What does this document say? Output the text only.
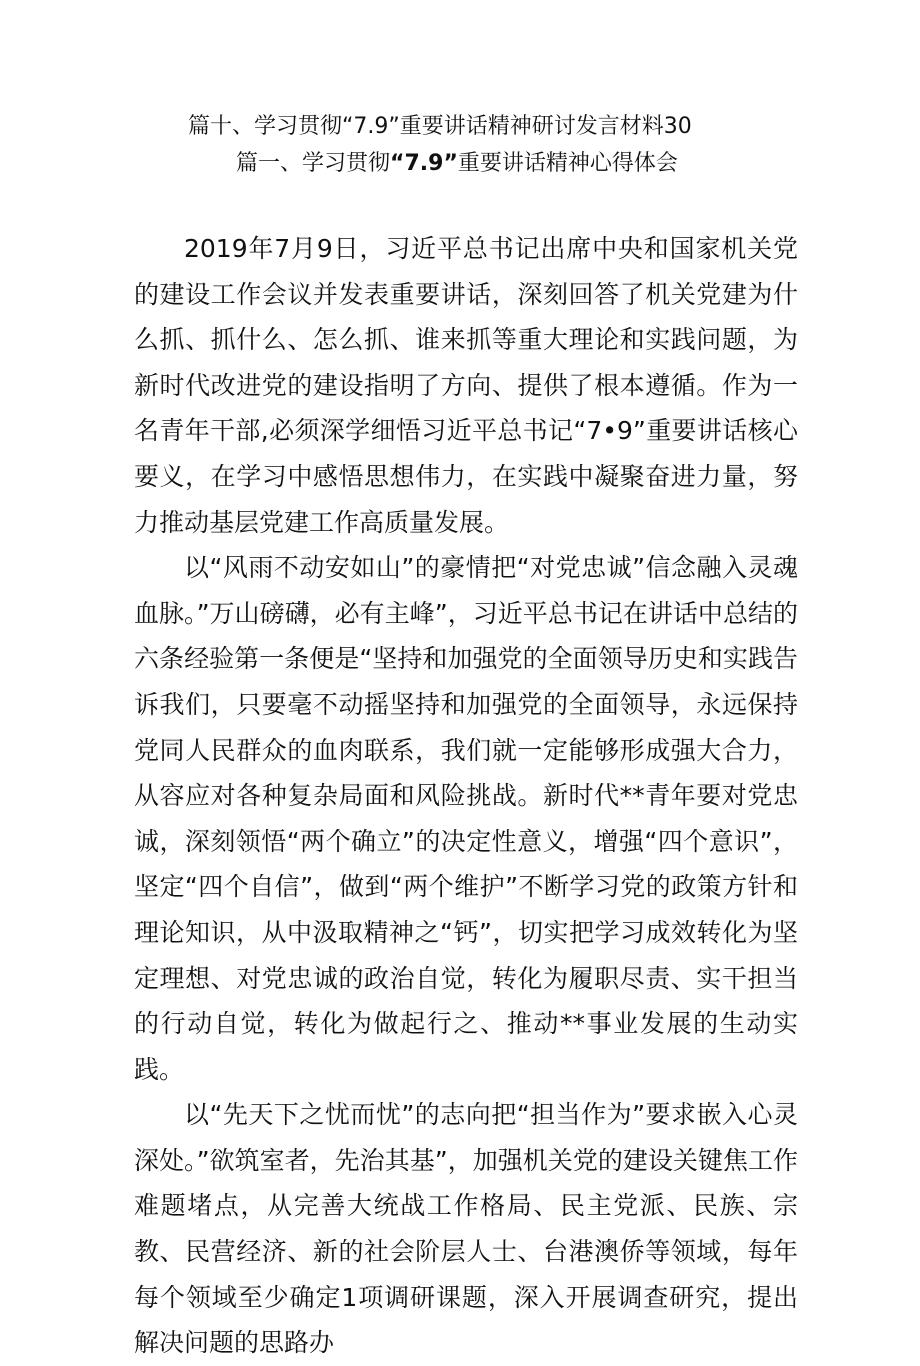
篇十、学习贯彻“7.9”重要讲话精神研讨发言材料30
篇一、学习贯彻“7.9”重要讲话精神心得体会

2019年7月9日，习近平总书记出席中央和国家机关党的建设工作会议并发表重要讲话，深刻回答了机关党建为什么抓、抓什么、怎么抓、谁来抓等重大理论和实践问题，为新时代改进党的建设指明了方向、提供了根本遵循。作为一名青年干部,必须深学细悟习近平总书记“7•9”重要讲话核心要义，在学习中感悟思想伟力，在实践中凝聚奋进力量，努力推动基层党建工作高质量发展。

以“风雨不动安如山”的豪情把“对党忠诚”信念融入灵魂血脉。”万山磅礴，必有主峰”，习近平总书记在讲话中总结的六条经验第一条便是“坚持和加强党的全面领导历史和实践告诉我们，只要毫不动摇坚持和加强党的全面领导，永远保持党同人民群众的血肉联系，我们就一定能够形成强大合力，从容应对各种复杂局面和风险挑战。新时代**青年要对党忠诚，深刻领悟“两个确立”的决定性意义，增强“四个意识”，坚定“四个自信”，做到“两个维护”不断学习党的政策方针和理论知识，从中汲取精神之“钙”，切实把学习成效转化为坚定理想、对党忠诚的政治自觉，转化为履职尽责、实干担当的行动自觉，转化为做起行之、推动**事业发展的生动实践。

以“先天下之忧而忧”的志向把“担当作为”要求嵌入心灵深处。”欲筑室者，先治其基”，加强机关党的建设关键焦工作难题堵点，从完善大统战工作格局、民主党派、民族、宗教、民营经济、新的社会阶层人士、台港澳侨等领域，每年每个领域至少确定1项调研课题，深入开展调查研究，提出解决问题的思路办
